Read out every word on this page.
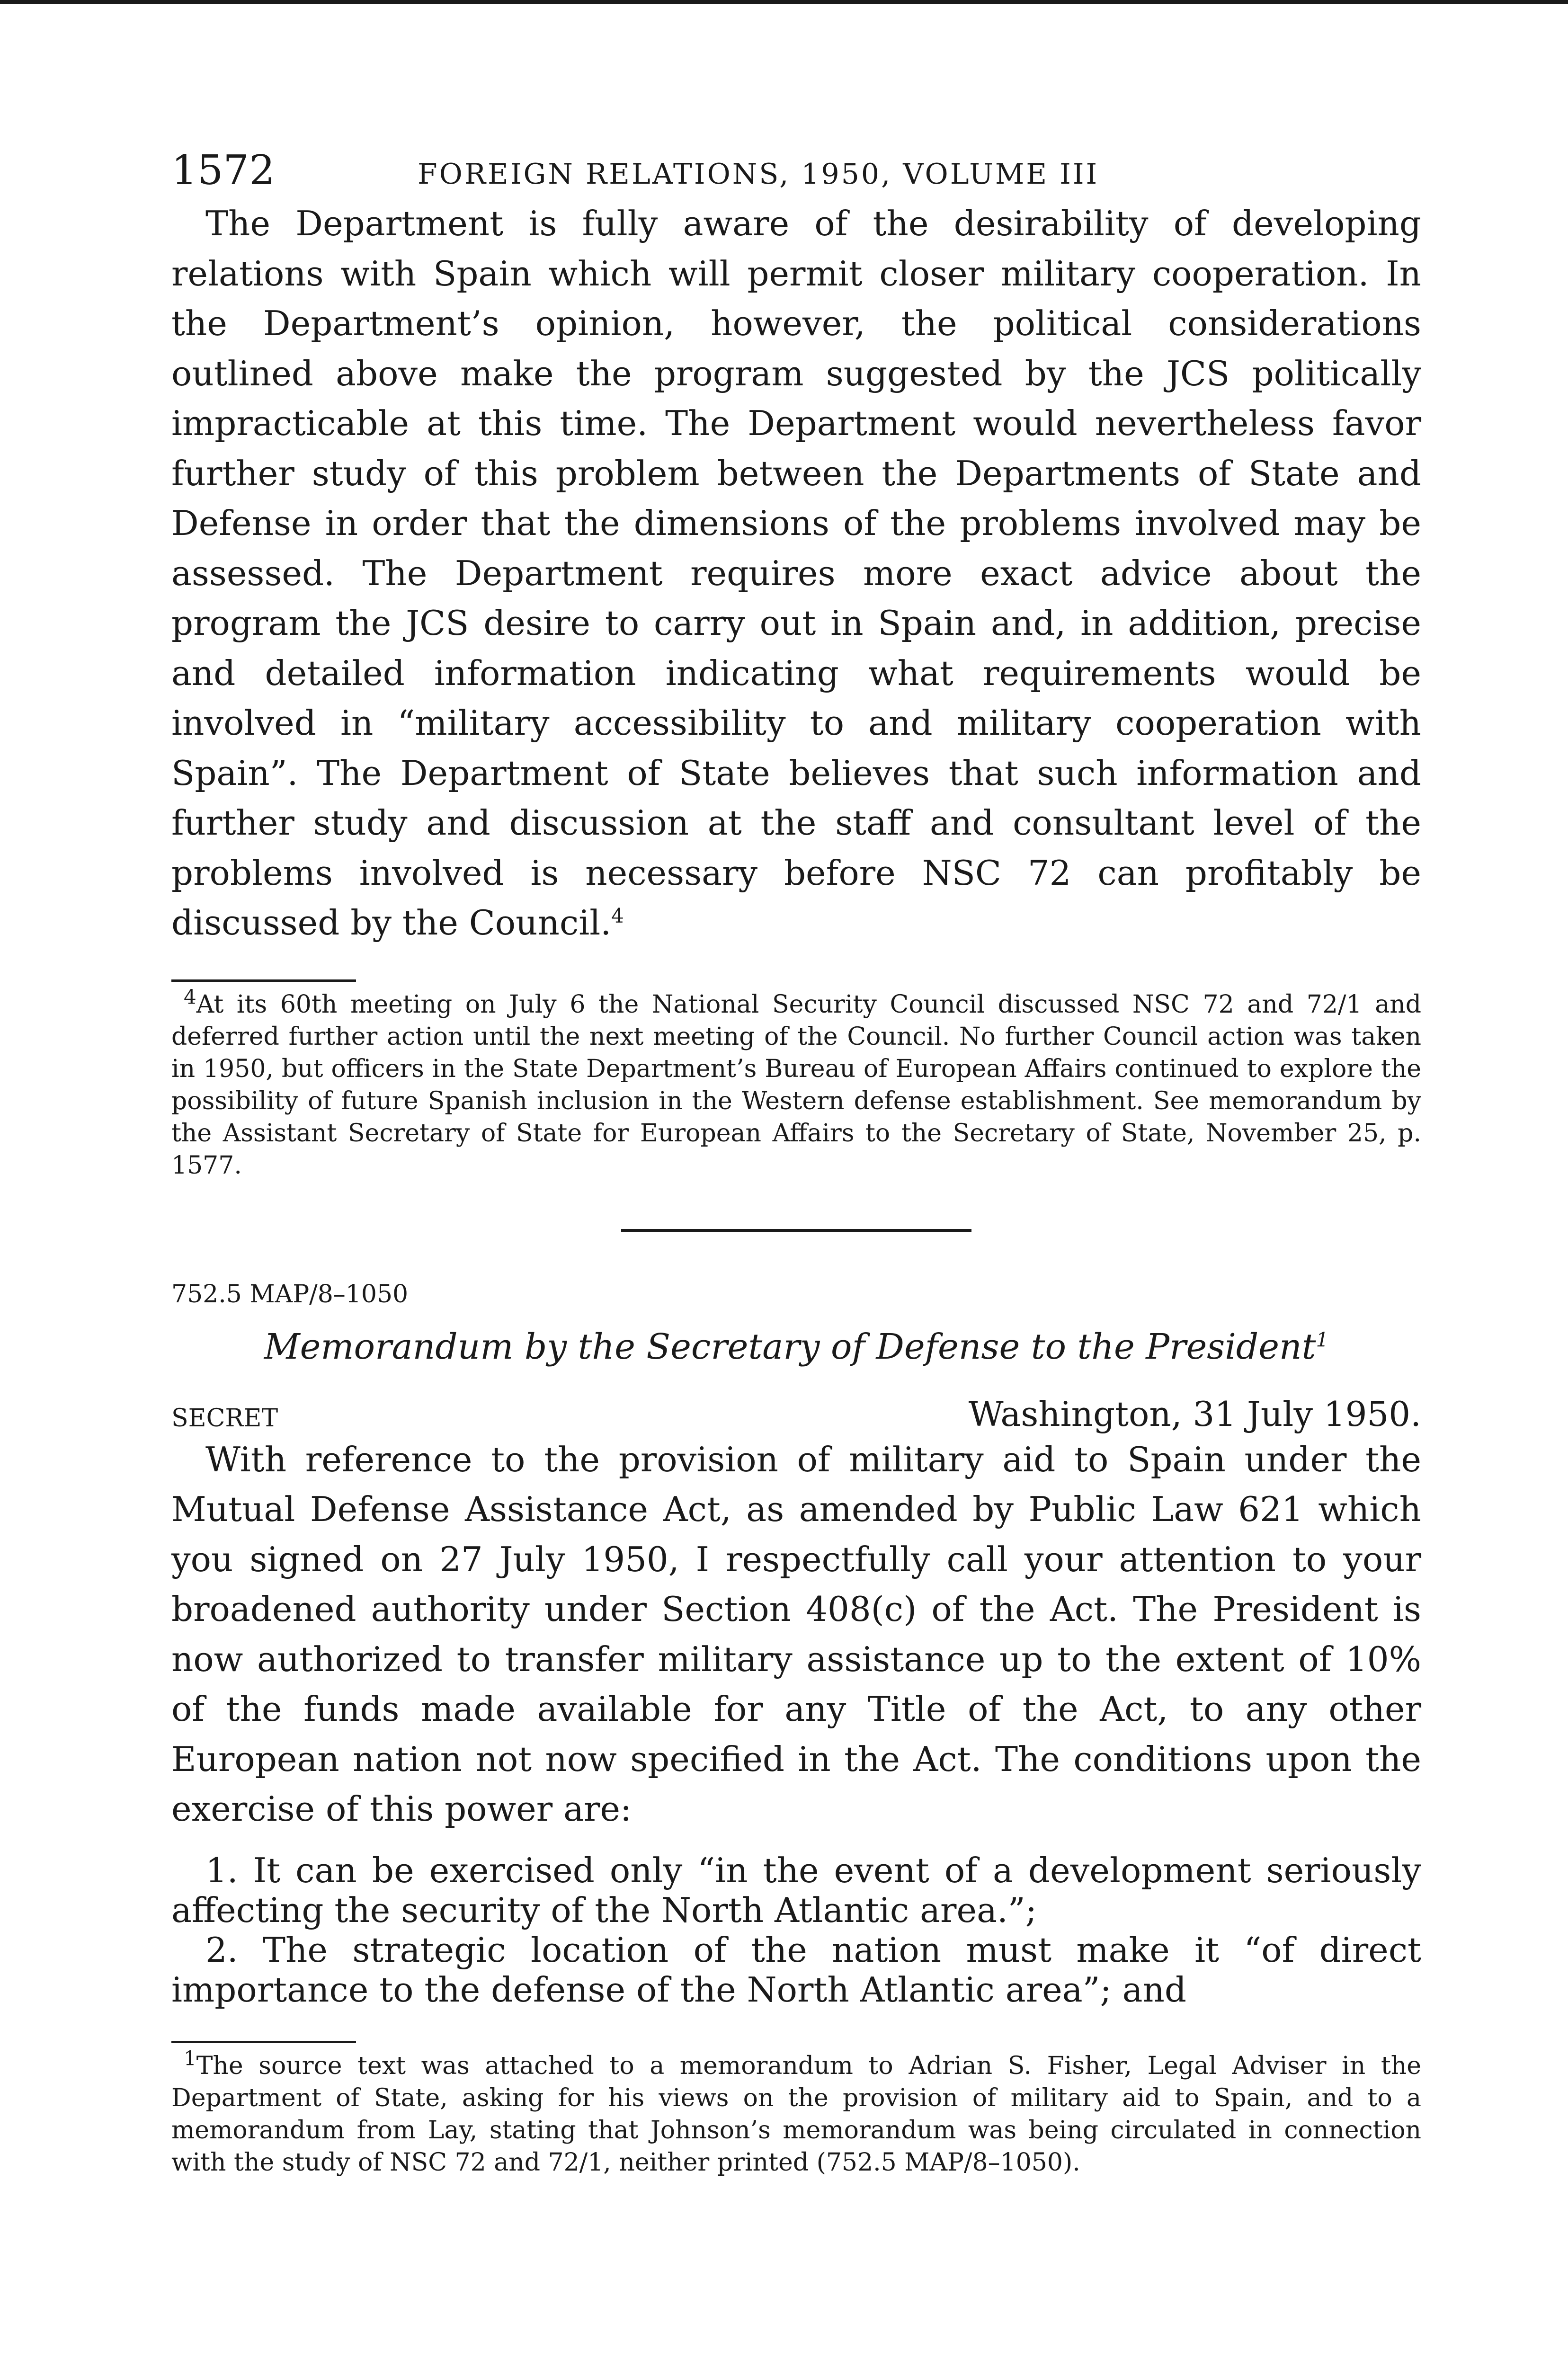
1572	FOREIGN RELATIONS, 1950, VOLUME III

The Department is fully aware of the desirability of developing relations with Spain which will permit closer military cooperation. In the Department’s opinion, however, the political considerations outlined above make the program suggested by the JCS politically impracticable at this time. The Department would nevertheless favor further study of this problem between the Departments of State and Defense in order that the dimensions of the problems involved may be assessed. The Department requires more exact advice about the program the JCS desire to carry out in Spain and, in addition, precise and detailed information indicating what requirements would be involved in “military accessibility to and military cooperation with Spain”. The Department of State believes that such information and further study and discussion at the staff and consultant level of the problems involved is necessary before NSC 72 can profitably be discussed by the Council.$^4$

$^4$At its 60th meeting on July 6 the National Security Council discussed NSC 72 and 72/1 and deferred further action until the next meeting of the Council. No further Council action was taken in 1950, but officers in the State Department’s Bureau of European Affairs continued to explore the possibility of future Spanish inclusion in the Western defense establishment. See memorandum by the Assistant Secretary of State for European Affairs to the Secretary of State, November 25, p. 1577.

752.5 MAP/8–1050

Memorandum by the Secretary of Defense to the President$^1$

SECRET	Washington, 31 July 1950.

With reference to the provision of military aid to Spain under the Mutual Defense Assistance Act, as amended by Public Law 621 which you signed on 27 July 1950, I respectfully call your attention to your broadened authority under Section 408(c) of the Act. The President is now authorized to transfer military assistance up to the extent of 10% of the funds made available for any Title of the Act, to any other European nation not now specified in the Act. The conditions upon the exercise of this power are:

1. It can be exercised only “in the event of a development seriously affecting the security of the North Atlantic area.”;

2. The strategic location of the nation must make it “of direct importance to the defense of the North Atlantic area”; and

$^1$The source text was attached to a memorandum to Adrian S. Fisher, Legal Adviser in the Department of State, asking for his views on the provision of military aid to Spain, and to a memorandum from Lay, stating that Johnson’s memorandum was being circulated in connection with the study of NSC 72 and 72/1, neither printed (752.5 MAP/8–1050).
